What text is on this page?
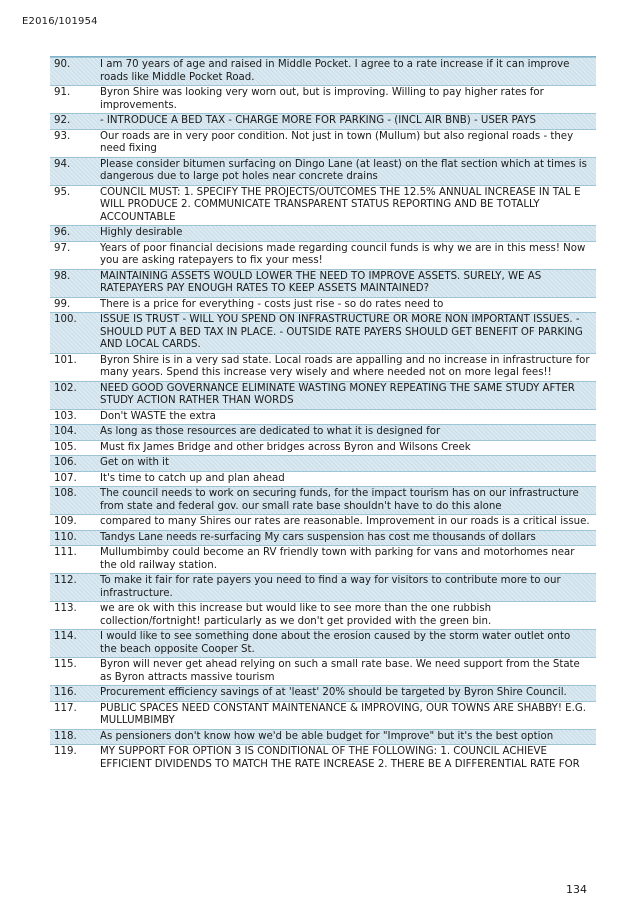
E2016/101954
90.	I am 70 years of age and raised in Middle Pocket. I agree to a rate increase if it can improve roads like Middle Pocket Road.
91.	Byron Shire was looking very worn out, but is improving. Willing to pay higher rates for improvements.
92.	- INTRODUCE A BED TAX - CHARGE MORE FOR PARKING - (INCL AIR BNB) - USER PAYS
93.	Our roads are in very poor condition. Not just in town (Mullum) but also regional roads - they need fixing
94.	Please consider bitumen surfacing on Dingo Lane (at least) on the flat section which at times is dangerous due to large pot holes near concrete drains
95.	COUNCIL MUST: 1. SPECIFY THE PROJECTS/OUTCOMES THE 12.5% ANNUAL INCREASE IN TAL E WILL PRODUCE 2. COMMUNICATE TRANSPARENT STATUS REPORTING AND BE TOTALLY ACCOUNTABLE
96.	Highly desirable
97.	Years of poor financial decisions made regarding council funds is why we are in this mess! Now you are asking ratepayers to fix your mess!
98.	MAINTAINING ASSETS WOULD LOWER THE NEED TO IMPROVE ASSETS. SURELY, WE AS RATEPAYERS PAY ENOUGH RATES TO KEEP ASSETS MAINTAINED?
99.	There is a price for everything - costs just rise - so do rates need to
100.	ISSUE IS TRUST - WILL YOU SPEND ON INFRASTRUCTURE OR MORE NON IMPORTANT ISSUES. - SHOULD PUT A BED TAX IN PLACE. - OUTSIDE RATE PAYERS SHOULD GET BENEFIT OF PARKING AND LOCAL CARDS.
101.	Byron Shire is in a very sad state. Local roads are appalling and no increase in infrastructure for many years. Spend this increase very wisely and where needed not on more legal fees!!
102.	NEED GOOD GOVERNANCE ELIMINATE WASTING MONEY REPEATING THE SAME STUDY AFTER STUDY ACTION RATHER THAN WORDS
103.	Don't WASTE the extra
104.	As long as those resources are dedicated to what it is designed for
105.	Must fix James Bridge and other bridges across Byron and Wilsons Creek
106.	Get on with it
107.	It's time to catch up and plan ahead
108.	The council needs to work on securing funds, for the impact tourism has on our infrastructure from state and federal gov. our small rate base shouldn't have to do this alone
109.	compared to many Shires our rates are reasonable. Improvement in our roads is a critical issue.
110.	Tandys Lane needs re-surfacing My cars suspension has cost me thousands of dollars
111.	Mullumbimby could become an RV friendly town with parking for vans and motorhomes near the old railway station.
112.	To make it fair for rate payers you need to find a way for visitors to contribute more to our infrastructure.
113.	we are ok with this increase but would like to see more than the one rubbish collection/fortnight! particularly as we don't get provided with the green bin.
114.	I would like to see something done about the erosion caused by the storm water outlet onto the beach opposite Cooper St.
115.	Byron will never get ahead relying on such a small rate base. We need support from the State as Byron attracts massive tourism
116.	Procurement efficiency savings of at 'least' 20% should be targeted by Byron Shire Council.
117.	PUBLIC SPACES NEED CONSTANT MAINTENANCE & IMPROVING, OUR TOWNS ARE SHABBY! E.G. MULLUMBIMBY
118.	As pensioners don't know how we'd be able budget for "Improve" but it's the best option
119.	MY SUPPORT FOR OPTION 3 IS CONDITIONAL OF THE FOLLOWING: 1. COUNCIL ACHIEVE EFFICIENT DIVIDENDS TO MATCH THE RATE INCREASE 2. THERE BE A DIFFERENTIAL RATE FOR
134
